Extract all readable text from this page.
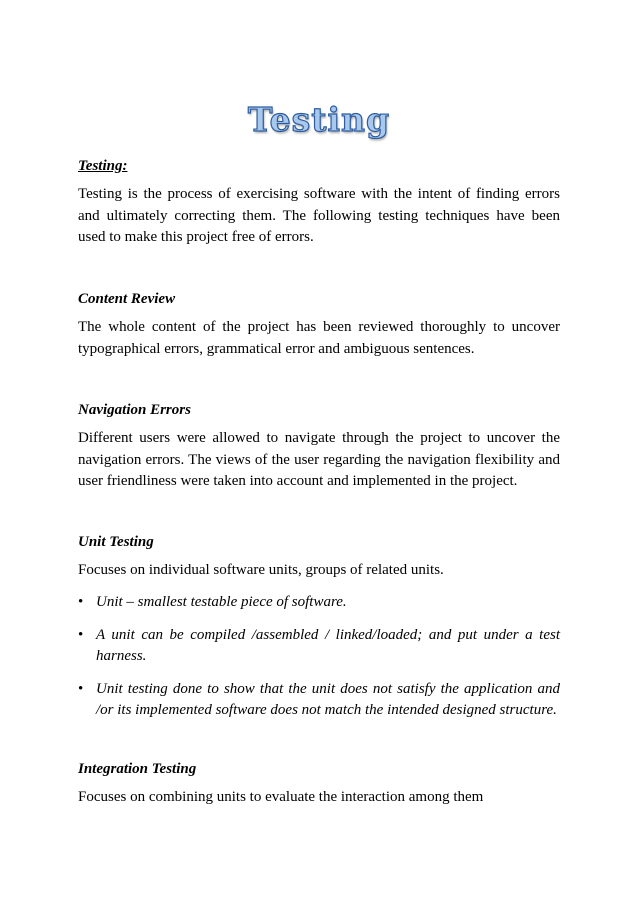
Testing
Testing:
Testing is the process of exercising software with the intent of finding errors and ultimately correcting them. The following testing techniques have been used to make this project free of errors.
Content Review
The whole content of the project has been reviewed thoroughly to uncover typographical errors, grammatical error and ambiguous sentences.
Navigation Errors
Different users were allowed to navigate through the project to uncover the navigation errors. The views of the user regarding the navigation flexibility and user friendliness were taken into account and implemented in the project.
Unit Testing
Focuses on individual software units, groups of related units.
• Unit – smallest testable piece of software.
• A unit can be compiled /assembled / linked/loaded; and put under a test harness.
• Unit testing done to show that the unit does not satisfy the application and /or its implemented software does not match the intended designed structure.
Integration Testing
Focuses on combining units to evaluate the interaction among them
